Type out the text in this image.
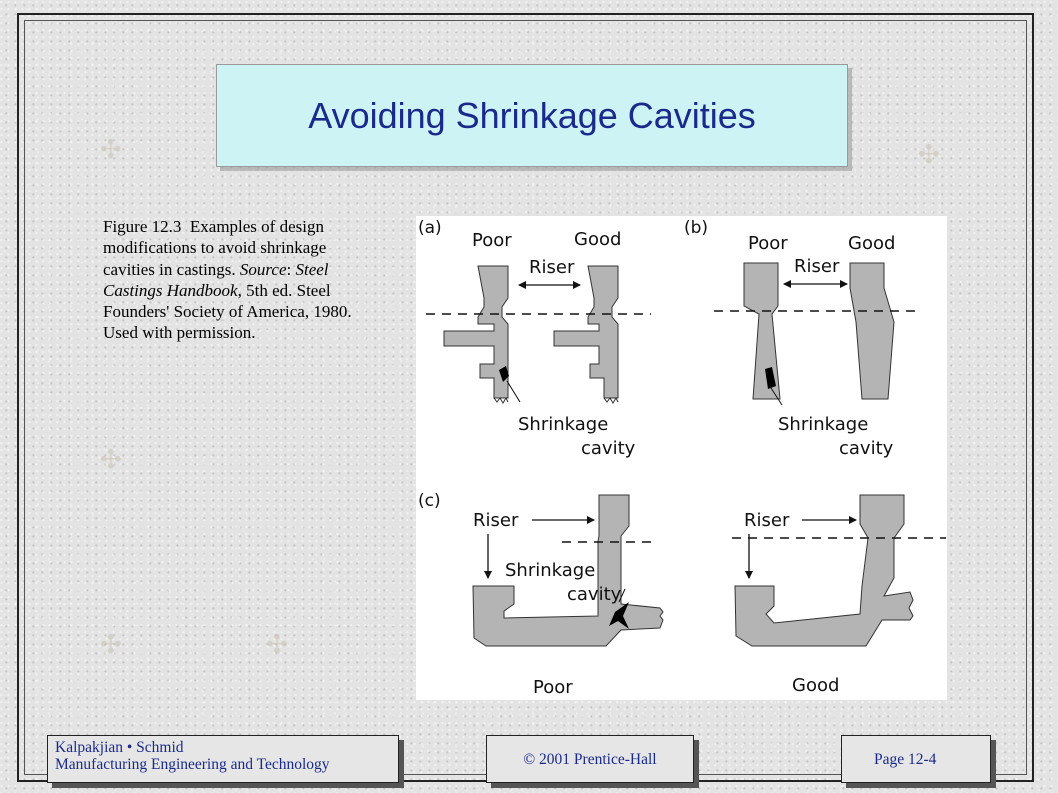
✣	✣
✣
✣	✣
Avoiding Shrinkage Cavities
Figure 12.3 Examples of design modifications to avoid shrinkage cavities in castings. Source: Steel Castings Handbook, 5th ed. Steel Founders' Society of America, 1980. Used with permission.
(a)
Poor	Good
Riser
Shrinkage
cavity
(b)
Poor	Good
Riser
Shrinkage
cavity
(c)
Riser
Shrinkage
cavity
Poor
Riser
Good
Kalpakjian • Schmid
Manufacturing Engineering and Technology	© 2001 Prentice-Hall	Page 12-4
